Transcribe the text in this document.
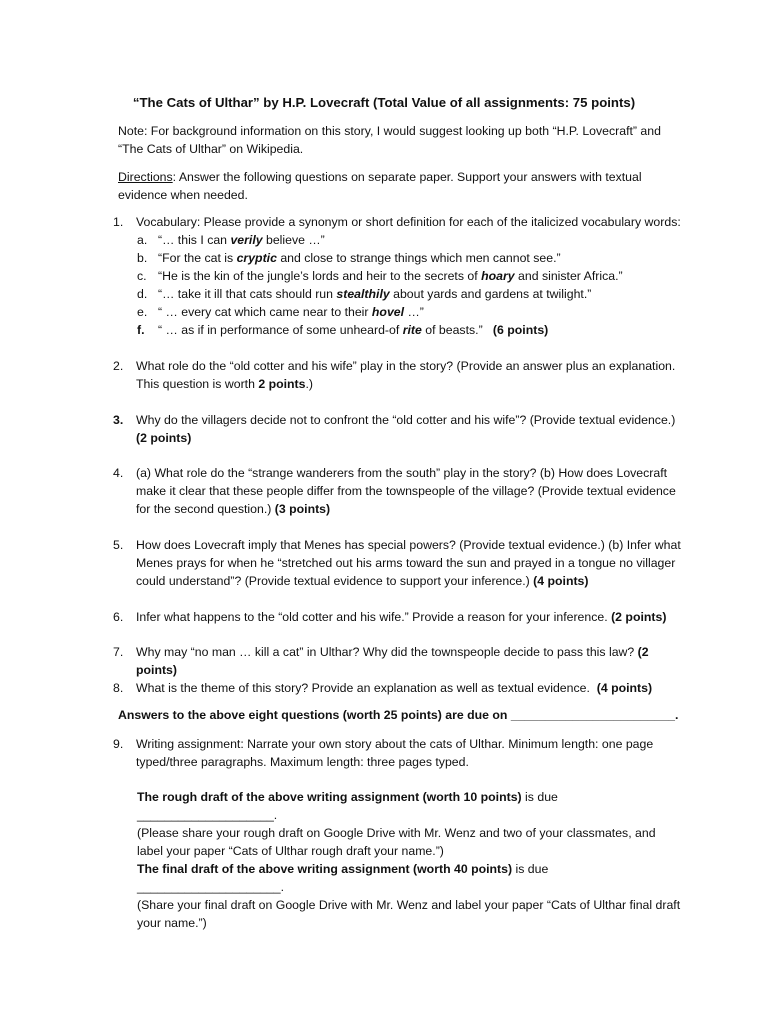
“The Cats of Ulthar” by H.P. Lovecraft (Total Value of all assignments: 75 points)
Note: For background information on this story, I would suggest looking up both “H.P. Lovecraft” and “The Cats of Ulthar” on Wikipedia.
Directions: Answer the following questions on separate paper. Support your answers with textual evidence when needed.
1.	Vocabulary: Please provide a synonym or short definition for each of the italicized vocabulary words:
a. “… this I can verily believe …”
b. “For the cat is cryptic and close to strange things which men cannot see.”
c. “He is the kin of the jungle’s lords and heir to the secrets of hoary and sinister Africa.”
d. “… take it ill that cats should run stealthily about yards and gardens at twilight.”
e. “ … every cat which came near to their hovel …”
f.	“ … as if in performance of some unheard-of rite of beasts.” (6 points)
2.	What role do the “old cotter and his wife” play in the story? (Provide an answer plus an explanation. This question is worth 2 points.)
3.	Why do the villagers decide not to confront the “old cotter and his wife”? (Provide textual evidence.) (2 points)
4.	(a) What role do the “strange wanderers from the south” play in the story? (b) How does Lovecraft make it clear that these people differ from the townspeople of the village? (Provide textual evidence for the second question.) (3 points)
5.	How does Lovecraft imply that Menes has special powers? (Provide textual evidence.) (b) Infer what Menes prays for when he “stretched out his arms toward the sun and prayed in a tongue no villager could understand”? (Provide textual evidence to support your inference.) (4 points)
6.	Infer what happens to the “old cotter and his wife.” Provide a reason for your inference. (2 points)
7.	Why may “no man … kill a cat” in Ulthar? Why did the townspeople decide to pass this law? (2 points)
8.	What is the theme of this story? Provide an explanation as well as textual evidence. (4 points)
Answers to the above eight questions (worth 25 points) are due on ________________________.
9.	Writing assignment: Narrate your own story about the cats of Ulthar. Minimum length: one page typed/three paragraphs. Maximum length: three pages typed.
The rough draft of the above writing assignment (worth 10 points) is due ____________________.
(Please share your rough draft on Google Drive with Mr. Wenz and two of your classmates, and label your paper “Cats of Ulthar rough draft your name.”)
The final draft of the above writing assignment (worth 40 points) is due _____________________.
(Share your final draft on Google Drive with Mr. Wenz and label your paper “Cats of Ulthar final draft your name.”)
